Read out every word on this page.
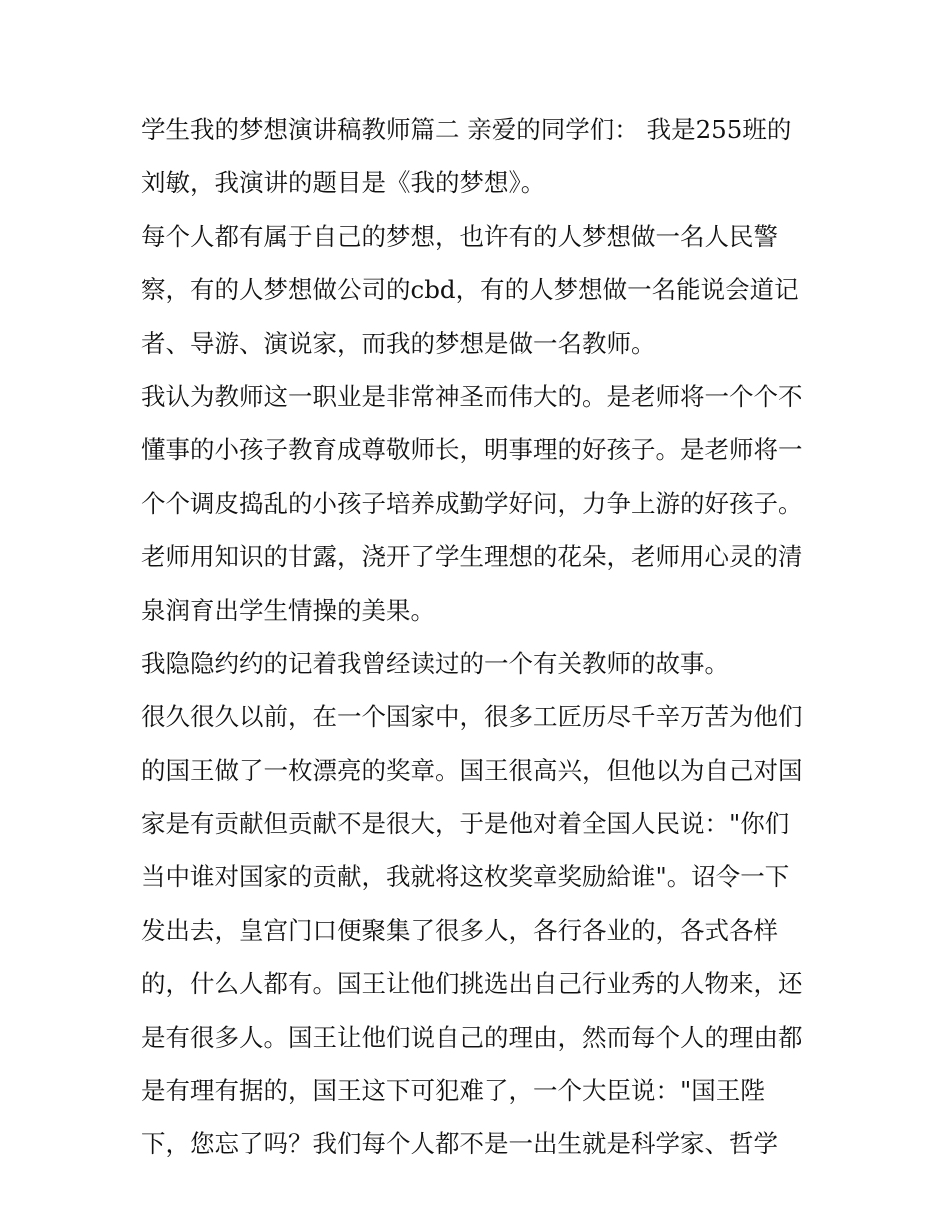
学生我的梦想演讲稿教师篇二 亲爱的同学们： 我是255班的
刘敏，我演讲的题目是《我的梦想》。
每个人都有属于自己的梦想，也许有的人梦想做一名人民警
察，有的人梦想做公司的cbd，有的人梦想做一名能说会道记
者、导游、演说家，而我的梦想是做一名教师。
我认为教师这一职业是非常神圣而伟大的。是老师将一个个不
懂事的小孩子教育成尊敬师长，明事理的好孩子。是老师将一
个个调皮捣乱的小孩子培养成勤学好问，力争上游的好孩子。
老师用知识的甘露，浇开了学生理想的花朵，老师用心灵的清
泉润育出学生情操的美果。
我隐隐约约的记着我曾经读过的一个有关教师的故事。
很久很久以前，在一个国家中，很多工匠历尽千辛万苦为他们
的国王做了一枚漂亮的奖章。国王很高兴，但他以为自己对国
家是有贡献但贡献不是很大，于是他对着全国人民说："你们
当中谁对国家的贡献，我就将这枚奖章奖励給谁"。诏令一下
发出去，皇宫门口便聚集了很多人，各行各业的，各式各样
的，什么人都有。国王让他们挑选出自己行业秀的人物来，还
是有很多人。国王让他们说自己的理由，然而每个人的理由都
是有理有据的，国王这下可犯难了，一个大臣说："国王陛
下，您忘了吗？我们每个人都不是一出生就是科学家、哲学
